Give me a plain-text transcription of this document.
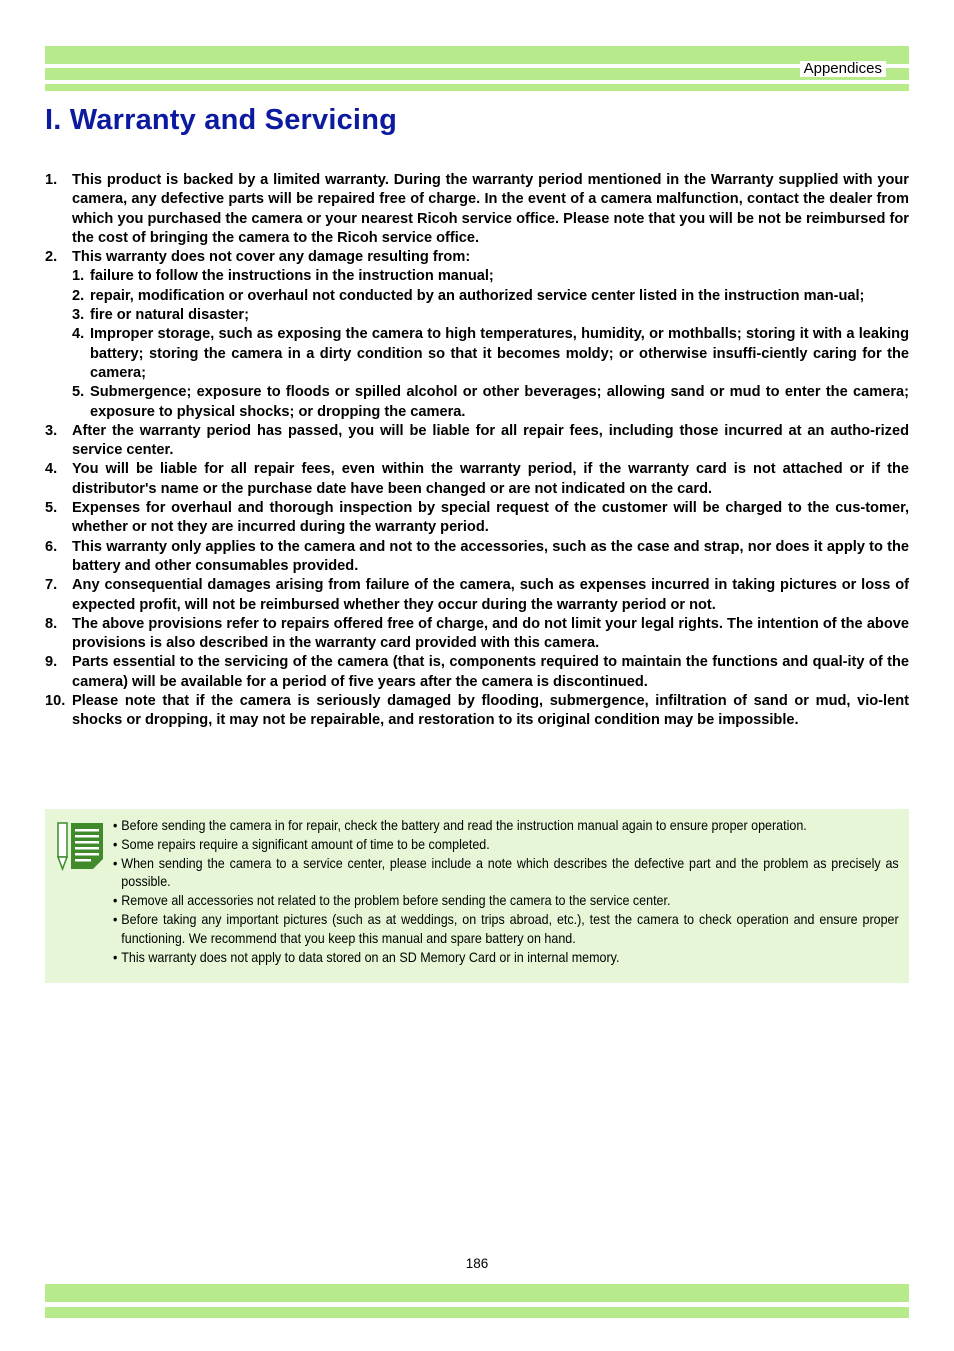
Appendices
I. Warranty and Servicing
1.	This product is backed by a limited warranty. During the warranty period mentioned in the Warranty supplied with your camera, any defective parts will be repaired free of charge. In the event of a camera malfunction, contact the dealer from which you purchased the camera or your nearest Ricoh service office. Please note that you will be not be reimbursed for the cost of bringing the camera to the Ricoh service office.
2.	This warranty does not cover any damage resulting from:
1. failure to follow the instructions in the instruction manual;
2. repair, modification or overhaul not conducted by an authorized service center listed in the instruction man-ual;
3. fire or natural disaster;
4. Improper storage, such as exposing the camera to high temperatures, humidity, or mothballs; storing it with a leaking battery; storing the camera in a dirty condition so that it becomes moldy; or otherwise insuffi-ciently caring for the camera;
5. Submergence; exposure to floods or spilled alcohol or other beverages; allowing sand or mud to enter the camera; exposure to physical shocks; or dropping the camera.
3.	After the warranty period has passed, you will be liable for all repair fees, including those incurred at an autho-rized service center.
4.	You will be liable for all repair fees, even within the warranty period, if the warranty card is not attached or if the distributor's name or the purchase date have been changed or are not indicated on the card.
5.	Expenses for overhaul and thorough inspection by special request of the customer will be charged to the cus-tomer, whether or not they are incurred during the warranty period.
6.	This warranty only applies to the camera and not to the accessories, such as the case and strap, nor does it apply to the battery and other consumables provided.
7.	Any consequential damages arising from failure of the camera, such as expenses incurred in taking pictures or loss of expected profit, will not be reimbursed whether they occur during the warranty period or not.
8.	The above provisions refer to repairs offered free of charge, and do not limit your legal rights. The intention of the above provisions is also described in the warranty card provided with this camera.
9.	Parts essential to the servicing of the camera (that is, components required to maintain the functions and qual-ity of the camera) will be available for a period of five years after the camera is discontinued.
10. Please note that if the camera is seriously damaged by flooding, submergence, infiltration of sand or mud, vio-lent shocks or dropping, it may not be repairable, and restoration to its original condition may be impossible.
• Before sending the camera in for repair, check the battery and read the instruction manual again to ensure proper operation.
• Some repairs require a significant amount of time to be completed.
• When sending the camera to a service center, please include a note which describes the defective part and the problem as precisely as possible.
• Remove all accessories not related to the problem before sending the camera to the service center.
• Before taking any important pictures (such as at weddings, on trips abroad, etc.), test the camera to check operation and ensure proper functioning. We recommend that you keep this manual and spare battery on hand.
• This warranty does not apply to data stored on an SD Memory Card or in internal memory.
186
